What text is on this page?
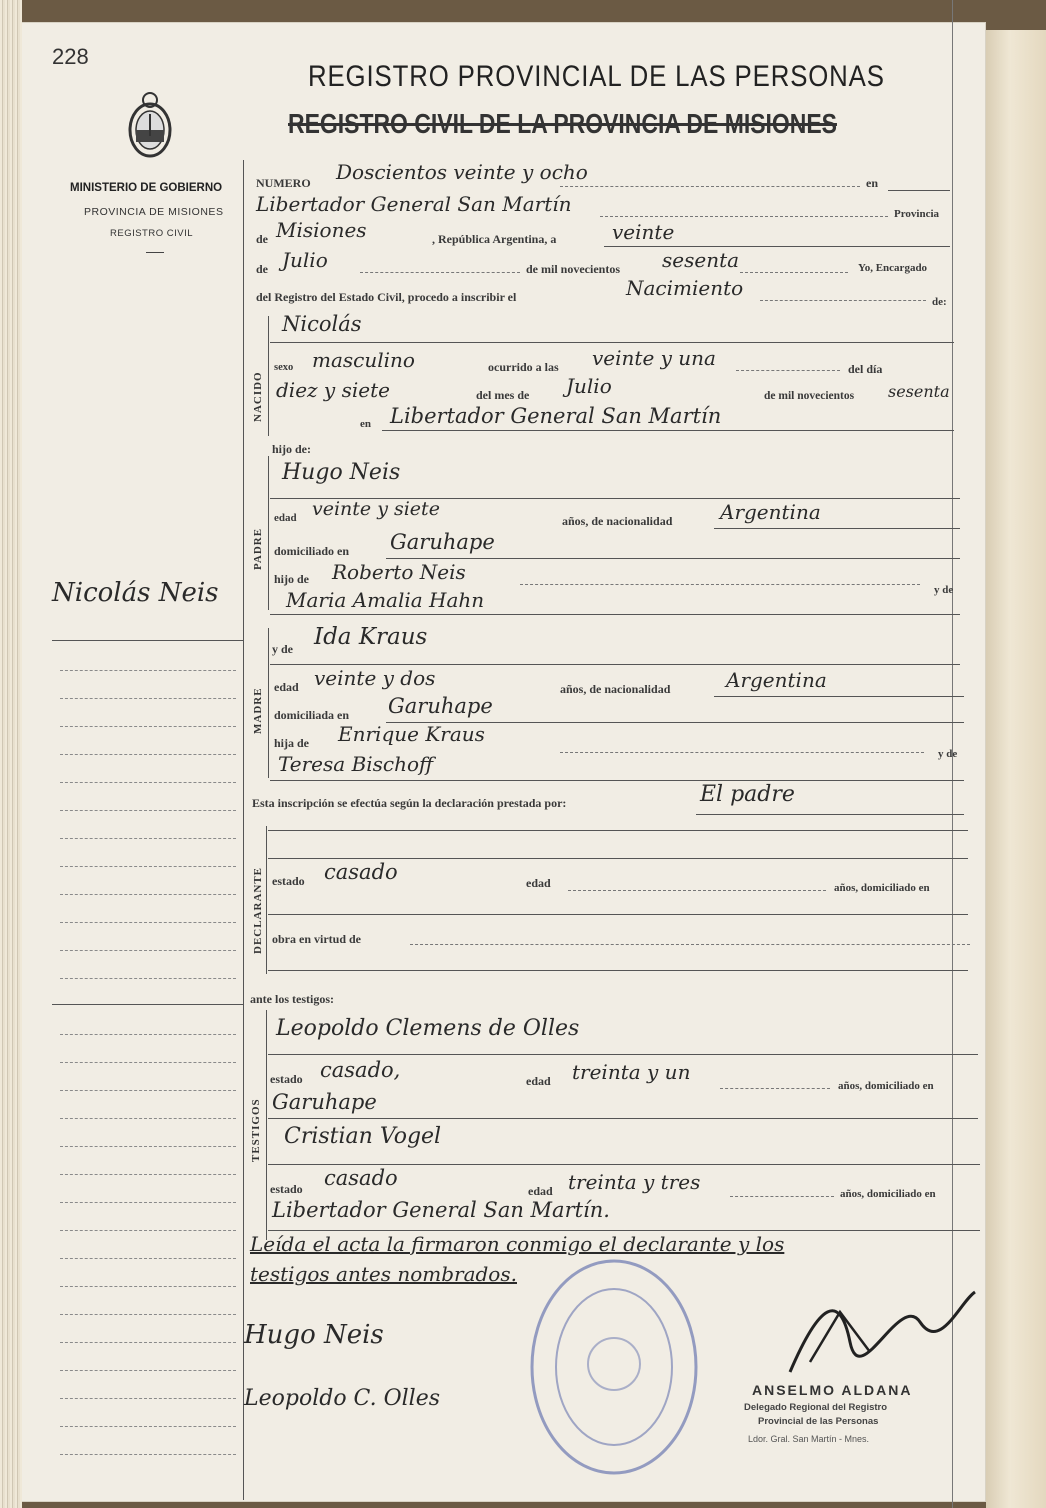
228
MINISTERIO DE GOBIERNO
PROVINCIA DE MISIONES
REGISTRO CIVIL
REGISTRO PROVINCIAL DE LAS PERSONAS
REGISTRO CIVIL DE LA PROVINCIA DE MISIONES
Nicolás Neis
NUMERO Doscientos veinte y ocho	en
Libertador General San Martín	Provincia
de Misiones	, República Argentina, a	veinte
de Julio	de mil novecientos sesenta	Yo, Encargado
del Registro del Estado Civil, procedo a inscribir el	Nacimiento
de:
NACIDO
Nicolás
sexo masculino	ocurrido a las veinte y una	del día
diez y siete	del mes de Julio	de mil novecientos sesenta
en Libertador General San Martín
hijo de:
PADRE
Hugo Neis
edad veinte y siete
años, de nacionalidad Argentina
domiciliado en Garuhape
hijo de Roberto Neis
y de
Maria Amalia Hahn
y de Ida Kraus
MADRE
edad veinte y dos	años, de nacionalidad	Argentina
domiciliada en Garuhape
hija de Enrique Kraus
y de
Teresa Bischoff
Esta inscripción se efectúa según la declaración prestada por:	El padre
DECLARANTE estado casado	edad	años, domiciliado en
obra en virtud de
ante los testigos:
TESTIGOS
Leopoldo Clemens de Olles
estado casado,	edad treinta y un
años, domiciliado en
Garuhape
Cristian Vogel
estado casado
edad treinta y tres	años, domiciliado en
Libertador General San Martín.
Leída el acta la firmaron conmigo el declarante y los
testigos antes nombrados.
Hugo Neis
Leopoldo C. Olles	ANSELMO ALDANA
Delegado Regional del Registro
Provincial de las Personas
Ldor. Gral. San Martín - Mnes.
